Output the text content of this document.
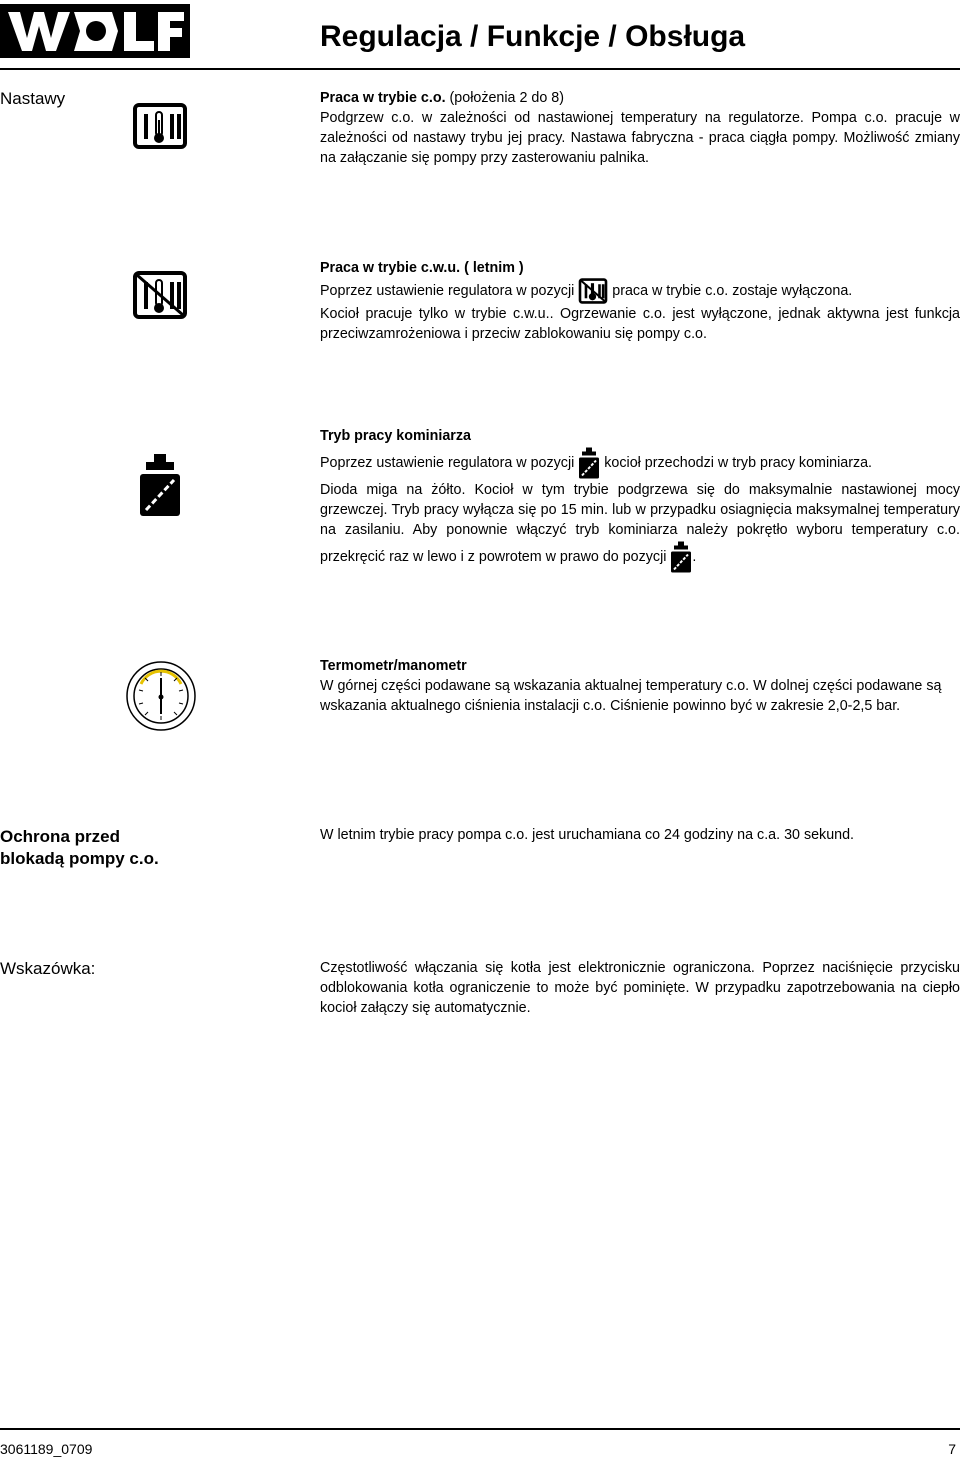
Regulacja / Funkcje / Obsługa
Nastawy	Praca w trybie c.o. (położenia 2 do 8)

Podgrzew c.o. w zależności od nastawionej temperatury na regulatorze. Pompa c.o. pracuje w zależności od nastawy trybu jej pracy. Nastawa fabryczna - praca ciągła pompy. Możliwość zmiany na załączanie się pompy przy zasterowaniu palnika.

Praca w trybie c.w.u. ( letnim )

Poprzez ustawienie regulatora w pozycji	praca w trybie c.o. zostaje wyłączona.

Kocioł pracuje tylko w trybie c.w.u.. Ogrzewanie c.o. jest wyłączone, jednak aktywna jest funkcja przeciwzamrożeniowa i przeciw zablokowaniu się pompy c.o.

Tryb pracy kominiarza

Poprzez ustawienie regulatora w pozycji kocioł przechodzi w tryb pracy kominiarza.

Dioda miga na żółto. Kocioł w tym trybie podgrzewa się do maksymalnie nastawionej mocy grzewczej. Tryb pracy wyłącza się po 15 min. lub w przypadku osiagnięcia maksymalnej temperatury na zasilaniu. Aby ponownie włączyć tryb kominiarza należy pokrętło wyboru temperatury c.o. przekręcić raz w lewo i z powrotem w prawo do pozycji .

Termometr/manometr

W górnej części podawane są wskazania aktualnej temperatury c.o. W dolnej części podawane są wskazania aktualnego ciśnienia instalacji c.o. Ciśnienie powinno być w zakresie 2,0-2,5 bar.

Ochrona przed
blokadą pompy c.o.
W letnim trybie pracy pompa c.o. jest uruchamiana co 24 godziny na c.a. 30 sekund.
Wskazówka:	Częstotliwość włączania się kotła jest elektronicznie ograniczona. Poprzez naciśnięcie przycisku odblokowania kotła ograniczenie to może być pominięte. W przypadku zapotrzebowania na ciepło kocioł załączy się automatycznie.
3061189_0709	7
